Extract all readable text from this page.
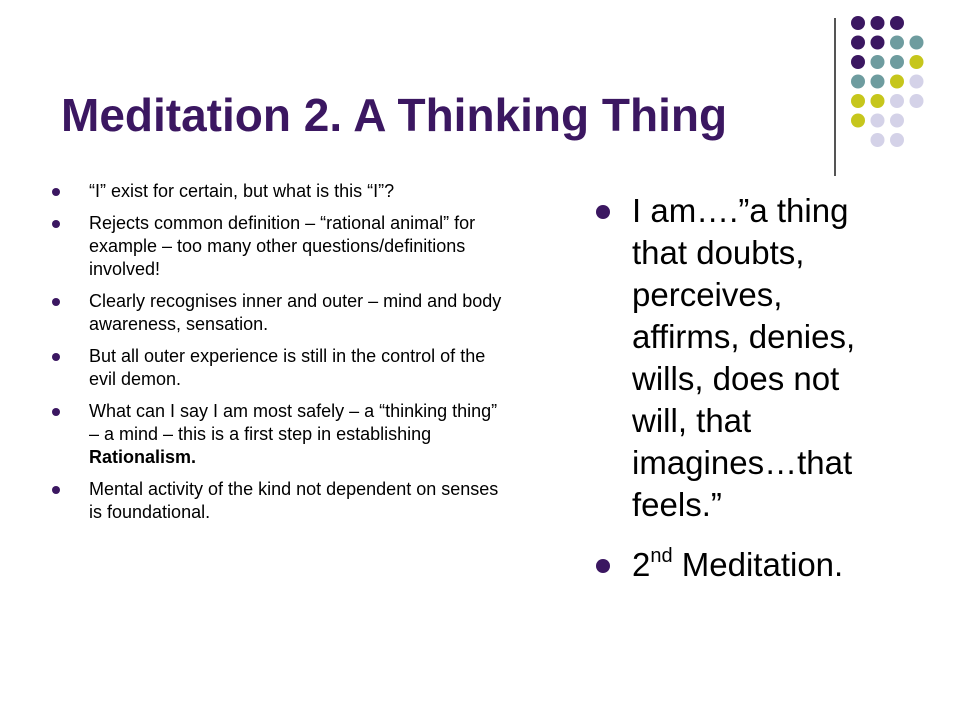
Meditation 2. A Thinking Thing
“I” exist for certain, but what is this “I”?
Rejects common definition – “rational animal” for example – too many other questions/definitions involved!
Clearly recognises inner and outer – mind and body awareness, sensation.
But all outer experience is still in the control of the evil demon.
What can I say I am most safely – a “thinking thing” – a mind – this is a first step in establishing Rationalism.
Mental activity of the kind not dependent on senses is foundational.
I am….”a thing that doubts, perceives, affirms, denies, wills, does not will, that imagines…that feels.”
2nd Meditation.
